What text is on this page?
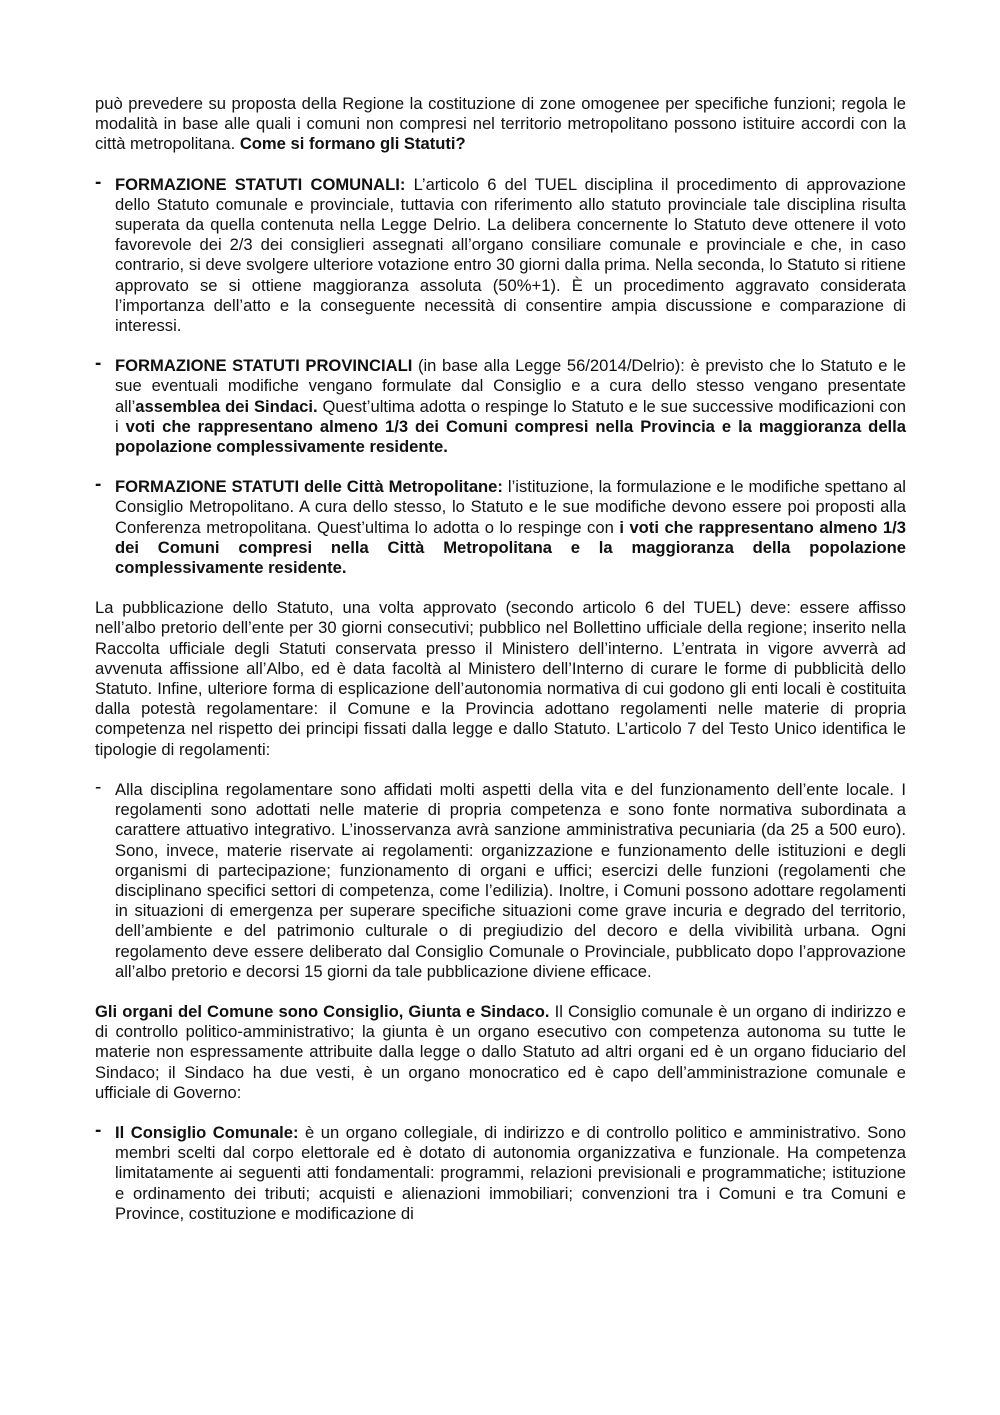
può prevedere su proposta della Regione la costituzione di zone omogenee per specifiche funzioni; regola le modalità in base alle quali i comuni non compresi nel territorio metropolitano possono istituire accordi con la città metropolitana. Come si formano gli Statuti?

- FORMAZIONE STATUTI COMUNALI: L’articolo 6 del TUEL disciplina il procedimento di approvazione dello Statuto comunale e provinciale, tuttavia con riferimento allo statuto provinciale tale disciplina risulta superata da quella contenuta nella Legge Delrio. La delibera concernente lo Statuto deve ottenere il voto favorevole dei 2/3 dei consiglieri assegnati all’organo consiliare comunale e provinciale e che, in caso contrario, si deve svolgere ulteriore votazione entro 30 giorni dalla prima. Nella seconda, lo Statuto si ritiene approvato se si ottiene maggioranza assoluta (50%+1). È un procedimento aggravato considerata l’importanza dell’atto e la conseguente necessità di consentire ampia discussione e comparazione di interessi.
- FORMAZIONE STATUTI PROVINCIALI (in base alla Legge 56/2014/Delrio): è previsto che lo Statuto e le sue eventuali modifiche vengano formulate dal Consiglio e a cura dello stesso vengano presentate all’assemblea dei Sindaci. Quest’ultima adotta o respinge lo Statuto e le sue successive modificazioni con i voti che rappresentano almeno 1/3 dei Comuni compresi nella Provincia e la maggioranza della popolazione complessivamente residente.
- FORMAZIONE STATUTI delle Città Metropolitane: l’istituzione, la formulazione e le modifiche spettano al Consiglio Metropolitano. A cura dello stesso, lo Statuto e le sue modifiche devono essere poi proposti alla Conferenza metropolitana. Quest’ultima lo adotta o lo respinge con i voti che rappresentano almeno 1/3 dei Comuni compresi nella Città Metropolitana e la maggioranza della popolazione complessivamente residente.

La pubblicazione dello Statuto, una volta approvato (secondo articolo 6 del TUEL) deve: essere affisso nell’albo pretorio dell’ente per 30 giorni consecutivi; pubblico nel Bollettino ufficiale della regione; inserito nella Raccolta ufficiale degli Statuti conservata presso il Ministero dell’interno. L’entrata in vigore avverrà ad avvenuta affissione all’Albo, ed è data facoltà al Ministero dell’Interno di curare le forme di pubblicità dello Statuto. Infine, ulteriore forma di esplicazione dell’autonomia normativa di cui godono gli enti locali è costituita dalla potestà regolamentare: il Comune e la Provincia adottano regolamenti nelle materie di propria competenza nel rispetto dei principi fissati dalla legge e dallo Statuto. L’articolo 7 del Testo Unico identifica le tipologie di regolamenti:

- Alla disciplina regolamentare sono affidati molti aspetti della vita e del funzionamento dell’ente locale. I regolamenti sono adottati nelle materie di propria competenza e sono fonte normativa subordinata a carattere attuativo integrativo. L’inosservanza avrà sanzione amministrativa pecuniaria (da 25 a 500 euro). Sono, invece, materie riservate ai regolamenti: organizzazione e funzionamento delle istituzioni e degli organismi di partecipazione; funzionamento di organi e uffici; esercizi delle funzioni (regolamenti che disciplinano specifici settori di competenza, come l’edilizia). Inoltre, i Comuni possono adottare regolamenti in situazioni di emergenza per superare specifiche situazioni come grave incuria e degrado del territorio, dell’ambiente e del patrimonio culturale o di pregiudizio del decoro e della vivibilità urbana. Ogni regolamento deve essere deliberato dal Consiglio Comunale o Provinciale, pubblicato dopo l’approvazione all’albo pretorio e decorsi 15 giorni da tale pubblicazione diviene efficace.

Gli organi del Comune sono Consiglio, Giunta e Sindaco. Il Consiglio comunale è un organo di indirizzo e di controllo politico-amministrativo; la giunta è un organo esecutivo con competenza autonoma su tutte le materie non espressamente attribuite dalla legge o dallo Statuto ad altri organi ed è un organo fiduciario del Sindaco; il Sindaco ha due vesti, è un organo monocratico ed è capo dell’amministrazione comunale e ufficiale di Governo:

- Il Consiglio Comunale: è un organo collegiale, di indirizzo e di controllo politico e amministrativo. Sono membri scelti dal corpo elettorale ed è dotato di autonomia organizzativa e funzionale. Ha competenza limitatamente ai seguenti atti fondamentali: programmi, relazioni previsionali e programmatiche; istituzione e ordinamento dei tributi; acquisti e alienazioni immobiliari; convenzioni tra i Comuni e tra Comuni e Province, costituzione e modificazione di
